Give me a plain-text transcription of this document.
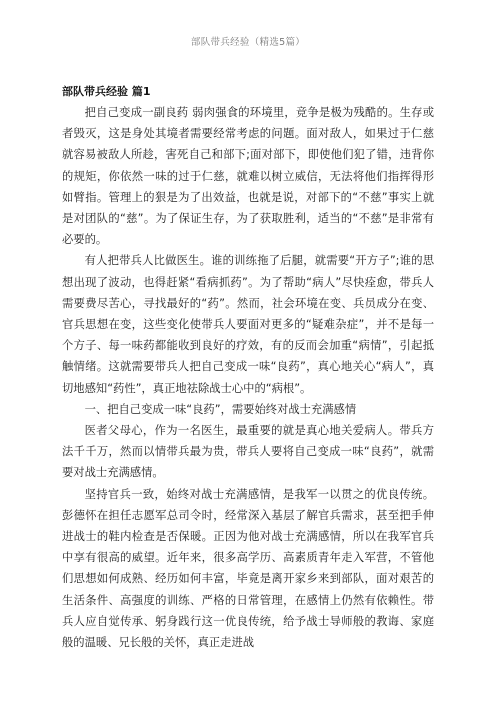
部队带兵经验（精选5篇）
部队带兵经验 篇1

把自己变成一副良药 弱肉强食的环境里，竞争是极为残酷的。生存或者毁灭，这是身处其境者需要经常考虑的问题。面对敌人，如果过于仁慈就容易被敌人所趁，害死自己和部下;面对部下，即使他们犯了错，违背你的规矩，你依然一味的过于仁慈，就难以树立威信，无法将他们指挥得形如臂指。管理上的狠是为了出效益，也就是说，对部下的“不慈”事实上就是对团队的“慈”。为了保证生存，为了获取胜利，适当的“不慈”是非常有必要的。

有人把带兵人比做医生。谁的训练拖了后腿，就需要“开方子”;谁的思想出现了波动，也得赶紧“看病抓药”。为了帮助“病人”尽快痊愈，带兵人需要费尽苦心，寻找最好的“药”。然而，社会环境在变、兵员成分在变、官兵思想在变，这些变化使带兵人要面对更多的“疑难杂症”，并不是每一个方子、每一味药都能收到良好的疗效，有的反而会加重“病情”，引起抵触情绪。这就需要带兵人把自己变成一味“良药”，真心地关心“病人”，真切地感知“药性”，真正地祛除战士心中的“病根”。

一、把自己变成一味“良药”，需要始终对战士充满感情

医者父母心，作为一名医生，最重要的就是真心地关爱病人。带兵方法千千万，然而以情带兵最为贵，带兵人要将自己变成一味“良药”，就需要对战士充满感情。

坚持官兵一致，始终对战士充满感情，是我军一以贯之的优良传统。彭德怀在担任志愿军总司令时，经常深入基层了解官兵需求，甚至把手伸进战士的鞋内检查是否保暖。正因为他对战士充满感情，所以在我军官兵中享有很高的威望。近年来，很多高学历、高素质青年走入军营，不管他们思想如何成熟、经历如何丰富，毕竟是离开家乡来到部队，面对艰苦的生活条件、高强度的训练、严格的日常管理，在感情上仍然有依赖性。带兵人应自觉传承、躬身践行这一优良传统，给予战士导师般的教诲、家庭般的温暖、兄长般的关怀，真正走进战
